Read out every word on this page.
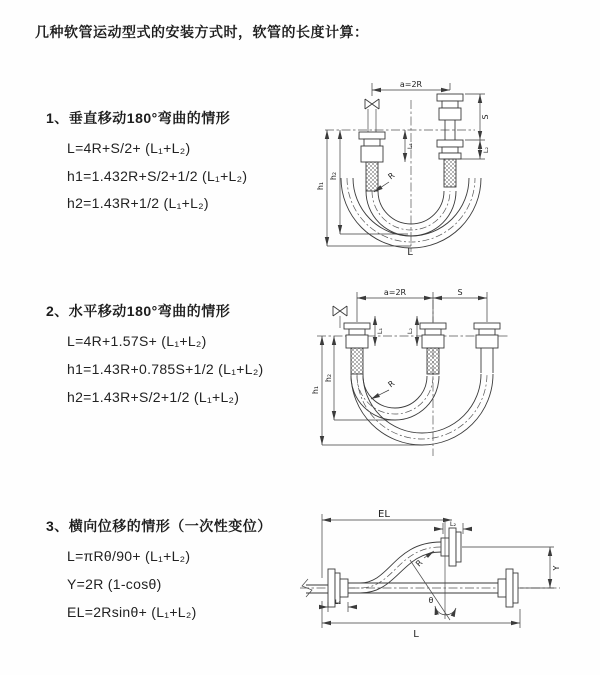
几种软管运动型式的安装方式时，软管的长度计算：
1、垂直移动180°弯曲的情形
L=4R+S/2+ (L₁+L₂)
h1=1.432R+S/2+1/2 (L₁+L₂)
h2=1.43R+1/2 (L₁+L₂)
a=2R
h₁
h₂
L₁
S
L₂
R
L
2、水平移动180°弯曲的情形
L=4R+1.57S+ (L₁+L₂)
h1=1.43R+0.785S+1/2 (L₁+L₂)
h2=1.43R+S/2+1/2 (L₁+L₂)
a=2R	S
L₁	L₂
h₁
h₂
R
3、横向位移的情形（一次性变位）
L=πRθ/90+ (L₁+L₂)
Y=2R (1-cosθ)
EL=2Rsinθ+ (L₁+L₂)
EL
L₂
θ
R	Y
L
L₁
